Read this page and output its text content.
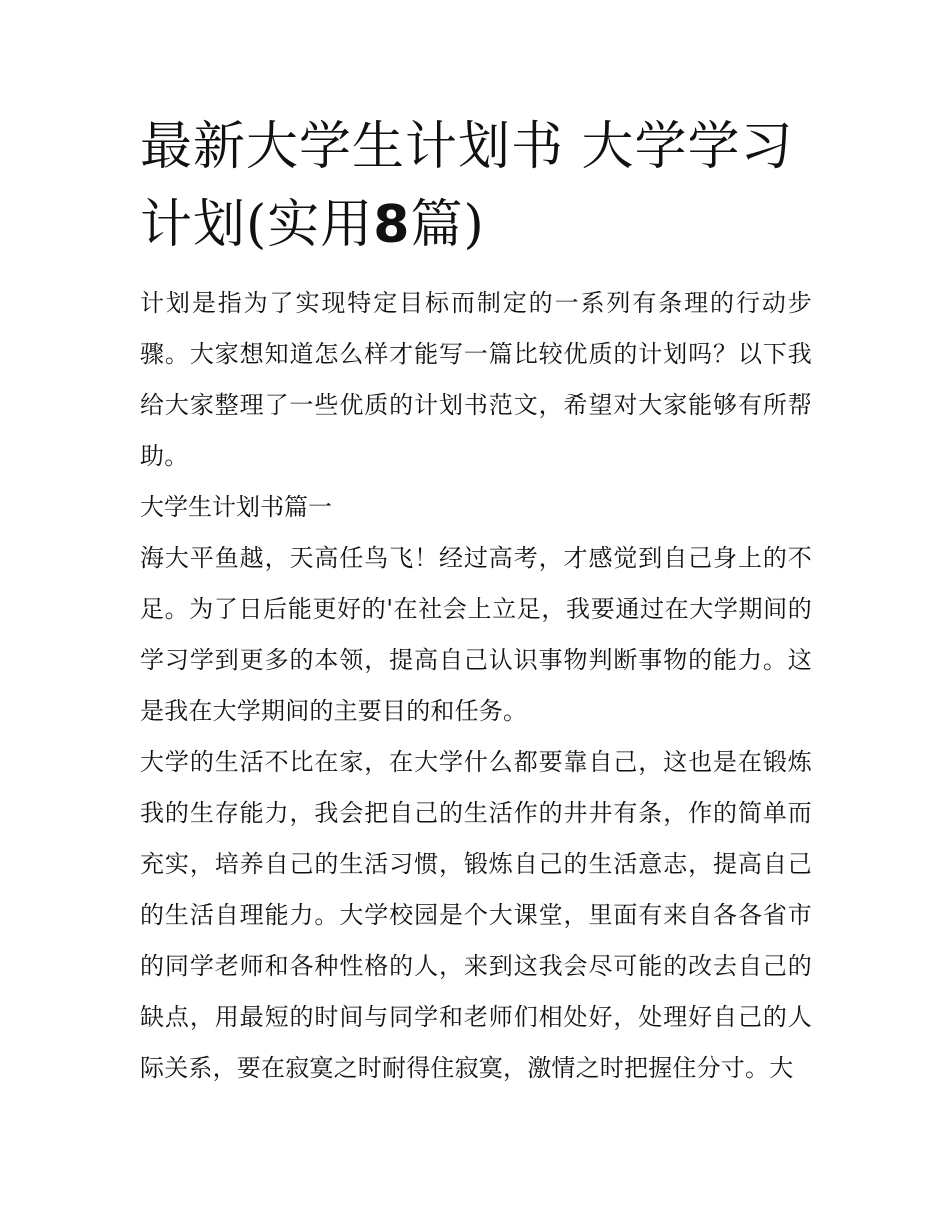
最新大学生计划书 大学学习计划(实用8篇)

计划是指为了实现特定目标而制定的一系列有条理的行动步骤。大家想知道怎么样才能写一篇比较优质的计划吗？以下我给大家整理了一些优质的计划书范文，希望对大家能够有所帮助。

大学生计划书篇一

海大平鱼越，天高任鸟飞！经过高考，才感觉到自己身上的不足。为了日后能更好的'在社会上立足，我要通过在大学期间的学习学到更多的本领，提高自己认识事物判断事物的能力。这是我在大学期间的主要目的和任务。

大学的生活不比在家，在大学什么都要靠自己，这也是在锻炼我的生存能力，我会把自己的生活作的井井有条，作的简单而充实，培养自己的生活习惯，锻炼自己的生活意志，提高自己的生活自理能力。大学校园是个大课堂，里面有来自各各省市的同学老师和各种性格的人，来到这我会尽可能的改去自己的缺点，用最短的时间与同学和老师们相处好，处理好自己的人际关系，要在寂寞之时耐得住寂寞，激情之时把握住分寸。大
